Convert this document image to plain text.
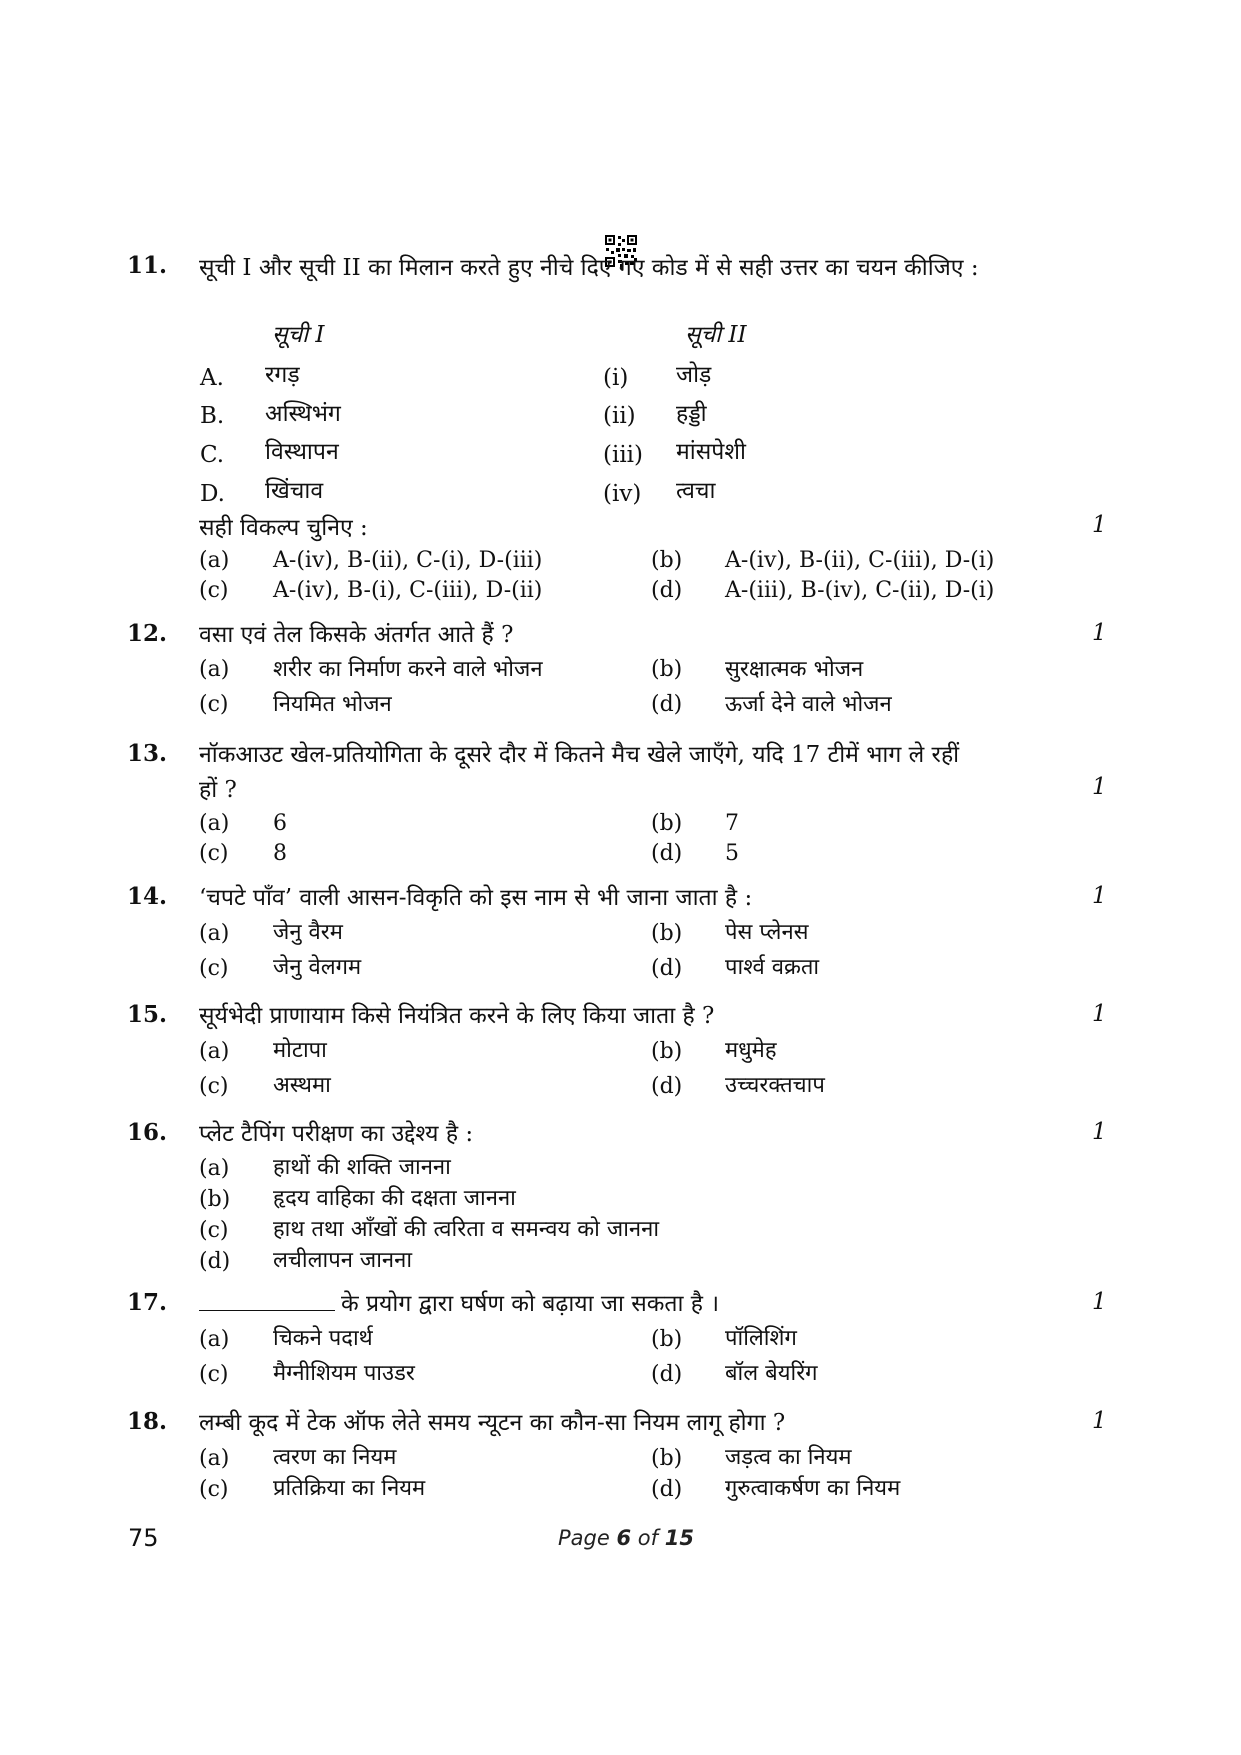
11. सूची I और सूची II का मिलान करते हुए नीचे दिए गए कोड में से सही उत्तर का चयन कीजिए :
सूची I	सूची II
A. रगड़	(i) जोड़
B. अस्थिभंग	(ii) हड्डी
C. विस्थापन	(iii) मांसपेशी
D. खिंचाव	(iv) त्वचा
सही विकल्प चुनिए :	1
(a) A-(iv), B-(ii), C-(i), D-(iii)	(b) A-(iv), B-(ii), C-(iii), D-(i)
(c) A-(iv), B-(i), C-(iii), D-(ii)	(d) A-(iii), B-(iv), C-(ii), D-(i)
12. वसा एवं तेल किसके अंतर्गत आते हैं ?	1
(a) शरीर का निर्माण करने वाले भोजन	(b) सुरक्षात्मक भोजन
(c) नियमित भोजन	(d) ऊर्जा देने वाले भोजन
13. नॉकआउट खेल-प्रतियोगिता के दूसरे दौर में कितने मैच खेले जाएँगे, यदि 17 टीमें भाग ले रहीं
हों ?	1
(a) 6	(b) 7
(c) 8	(d) 5
14. ‘चपटे पाँव’ वाली आसन-विकृति को इस नाम से भी जाना जाता है :	1
(a) जेनु वैरम	(b) पेस प्लेनस
(c) जेनु वेलगम	(d) पार्श्व वक्रता
15. सूर्यभेदी प्राणायाम किसे नियंत्रित करने के लिए किया जाता है ?	1
(a) मोटापा	(b) मधुमेह
(c) अस्थमा	(d) उच्चरक्तचाप
16. प्लेट टैपिंग परीक्षण का उद्देश्य है :	1
(a) हाथों की शक्ति जानना
(b) हृदय वाहिका की दक्षता जानना
(c) हाथ तथा आँखों की त्वरिता व समन्वय को जानना
(d) लचीलापन जानना
17.	के प्रयोग द्वारा घर्षण को बढ़ाया जा सकता है ।	1
(a) चिकने पदार्थ	(b) पॉलिशिंग
(c) मैग्नीशियम पाउडर	(d) बॉल बेयरिंग
18. लम्बी कूद में टेक ऑफ लेते समय न्यूटन का कौन-सा नियम लागू होगा ?	1
(a) त्वरण का नियम	(b) जड़त्व का नियम
(c) प्रतिक्रिया का नियम	(d) गुरुत्वाकर्षण का नियम
75	Page 6 of 15
